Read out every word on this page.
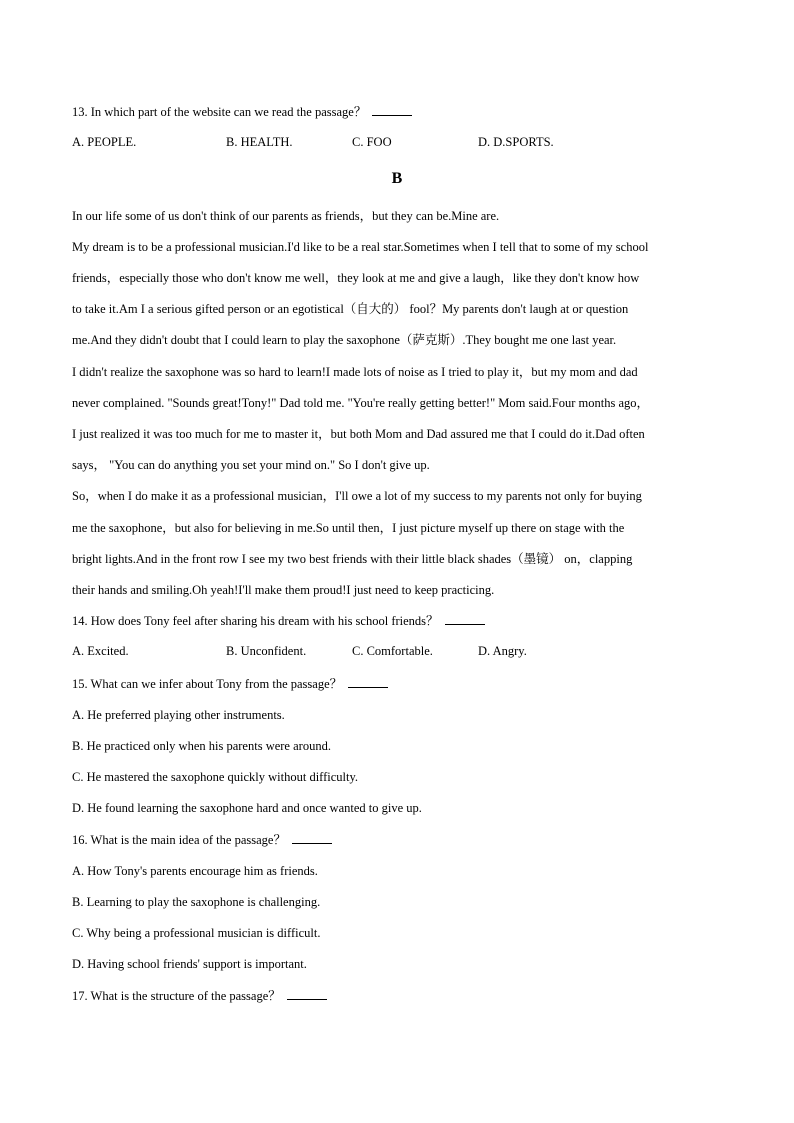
13. In which part of the website can we read the passage？
A. PEOPLE.	B. HEALTH.	C. FOO	D. D.SPORTS.
B
In our life some of us don't think of our parents as friends，but they can be.Mine are.
My dream is to be a professional musician.I'd like to be a real star.Sometimes when I tell that to some of my school
friends，especially those who don't know me well，they look at me and give a laugh，like they don't know how
to take it.Am I a serious gifted person or an egotistical（自大的） fool？My parents don't laugh at or question
me.And they didn't doubt that I could learn to play the saxophone（萨克斯）.They bought me one last year.
I didn't realize the saxophone was so hard to learn!I made lots of noise as I tried to play it，but my mom and dad
never complained. "Sounds great!Tony!" Dad told me. "You're really getting better!" Mom said.Four months ago，
I just realized it was too much for me to master it，but both Mom and Dad assured me that I could do it.Dad often
says， "You can do anything you set your mind on." So I don't give up.
So，when I do make it as a professional musician，I'll owe a lot of my success to my parents not only for buying
me the saxophone，but also for believing in me.So until then，I just picture myself up there on stage with the
bright lights.And in the front row I see my two best friends with their little black shades（墨镜） on，clapping
their hands and smiling.Oh yeah!I'll make them proud!I just need to keep practicing.
14. How does Tony feel after sharing his dream with his school friends？
A. Excited.	B. Unconfident.	C. Comfortable.	D. Angry.
15. What can we infer about Tony from the passage？
A. He preferred playing other instruments.
B. He practiced only when his parents were around.
C. He mastered the saxophone quickly without difficulty.
D. He found learning the saxophone hard and once wanted to give up.
16. What is the main idea of the passage？
A. How Tony's parents encourage him as friends.
B. Learning to play the saxophone is challenging.
C. Why being a professional musician is difficult.
D. Having school friends' support is important.
17. What is the structure of the passage？
